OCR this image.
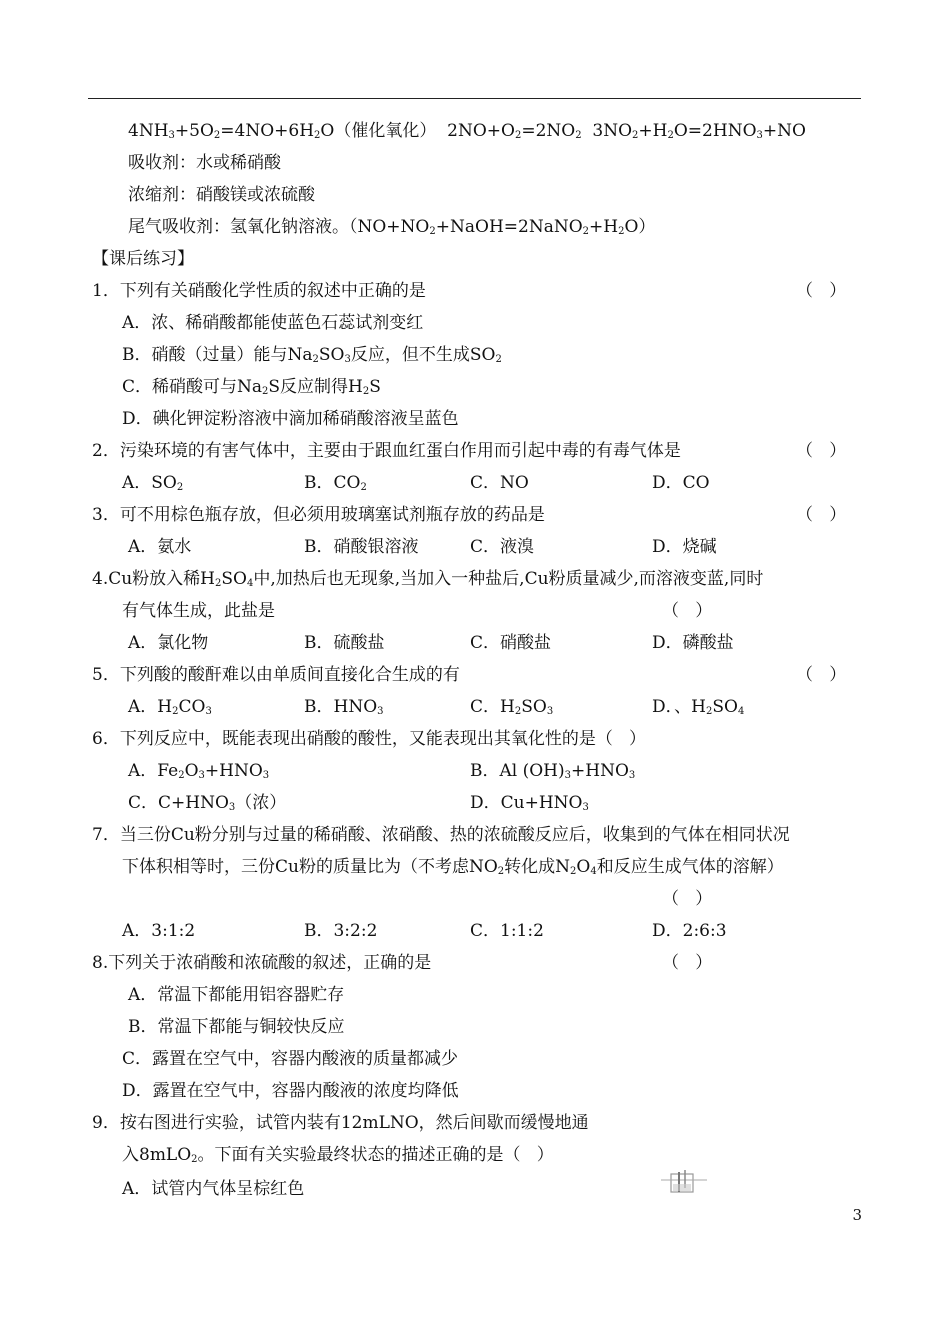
$4NH_3+5O_2=4NO+6H_2O$（催化氧化）  $2NO+O_2=2NO_2$  $3NO_2+H_2O=2HNO_3+NO$
吸收剂：水或稀硝酸
浓缩剂：硝酸镁或浓硫酸
尾气吸收剂：氢氧化钠溶液。$(NO+NO_2+NaOH=2NaNO_2+H_2O)$
【课后练习】
1．下列有关硝酸化学性质的叙述中正确的是	（   ）
A．浓、稀硝酸都能使蓝色石蕊试剂变红
B．硝酸（过量）能与$Na_2SO_3$反应，但不生成$SO_2$
C．稀硝酸可与$Na_2S$反应制得$H_2S$
D．碘化钾淀粉溶液中滴加稀硝酸溶液呈蓝色
2．污染环境的有害气体中，主要由于跟血红蛋白作用而引起中毒的有毒气体是	（   ）
A．$SO_2$	B．$CO_2$	C．NO	D．CO
3．可不用棕色瓶存放，但必须用玻璃塞试剂瓶存放的药品是	（   ）
A．氨水	B．硝酸银溶液	C．液溴	D．烧碱
4.Cu粉放入稀$H_2SO_4$中,加热后也无现象,当加入一种盐后,Cu粉质量减少,而溶液变蓝,同时
有气体生成，此盐是	（   ）
A．氯化物	B．硫酸盐	C．硝酸盐	D．磷酸盐
5．下列酸的酸酐难以由单质间直接化合生成的有	（   ）
A．$H_2CO_3$	B．$HNO_3$	C．$H_2SO_3$	D．、$H_2SO_4$
6．下列反应中，既能表现出硝酸的酸性，又能表现出其氧化性的是（   ）
A．$Fe_2O_3+HNO_3$	B．Al $(OH)_3+HNO_3$
C．$C+HNO_3$（浓）	D．$Cu+HNO_3$
7．当三份Cu粉分别与过量的稀硝酸、浓硝酸、热的浓硫酸反应后，收集到的气体在相同状况
下体积相等时，三份Cu粉的质量比为（不考虑$NO_2$转化成$N_2O_4$和反应生成气体的溶解）
（   ）
A．3:1:2	B．3:2:2	C．1:1:2	D．2:6:3
8.下列关于浓硝酸和浓硫酸的叙述，正确的是	（   ）
A．常温下都能用铝容器贮存
B．常温下都能与铜较快反应
C．露置在空气中，容器内酸液的质量都减少
D．露置在空气中，容器内酸液的浓度均降低
9．按右图进行实验，试管内装有12mLNO，然后间歇而缓慢地通
入8mLO$_2$。下面有关实验最终状态的描述正确的是（   ）
A．试管内气体呈棕红色
3
